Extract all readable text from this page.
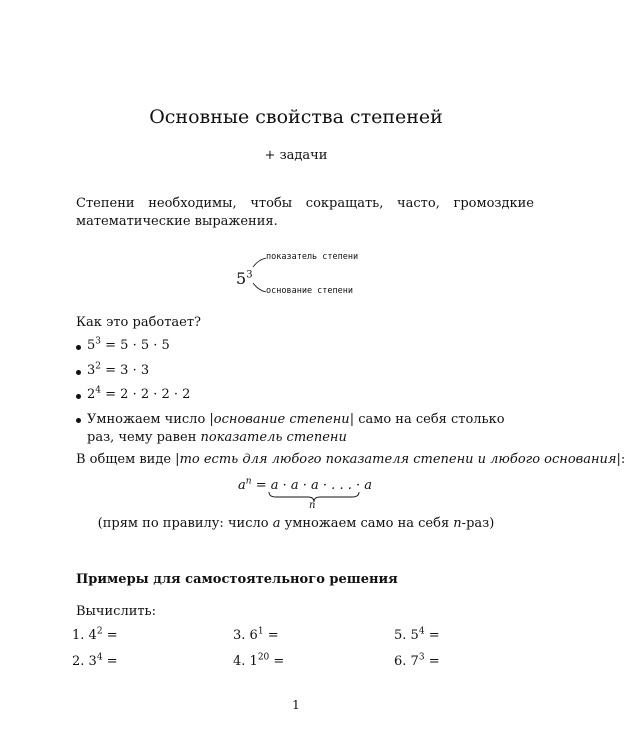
Основные свойства степеней
+ задачи
Степени необходимы, чтобы сокращать, часто, громоздкие математические выражения.
$5^3$
показатель степени
основание степени
Как это работает?
$5^3 = 5 \cdot 5 \cdot 5$
$3^2 = 3 \cdot 3$
$2^4 = 2 \cdot 2 \cdot 2 \cdot 2$
Умножаем число |основание степени| само на себя столько раз, чему равен показатель степени
В общем виде |то есть для любого показателя степени и любого основания|:
$a^n = a \cdot a \cdot a$ · . . . · a
n
(прям по правилу: число a умножаем само на себя n-раз)
Примеры для самостоятельного решения
Вычислить:
1. $4^2$ =
2. $3^4$ =
3. $6^1$ =
4. $1^{20}$ =
5. $5^4$ =
6. $7^3$ =
1
